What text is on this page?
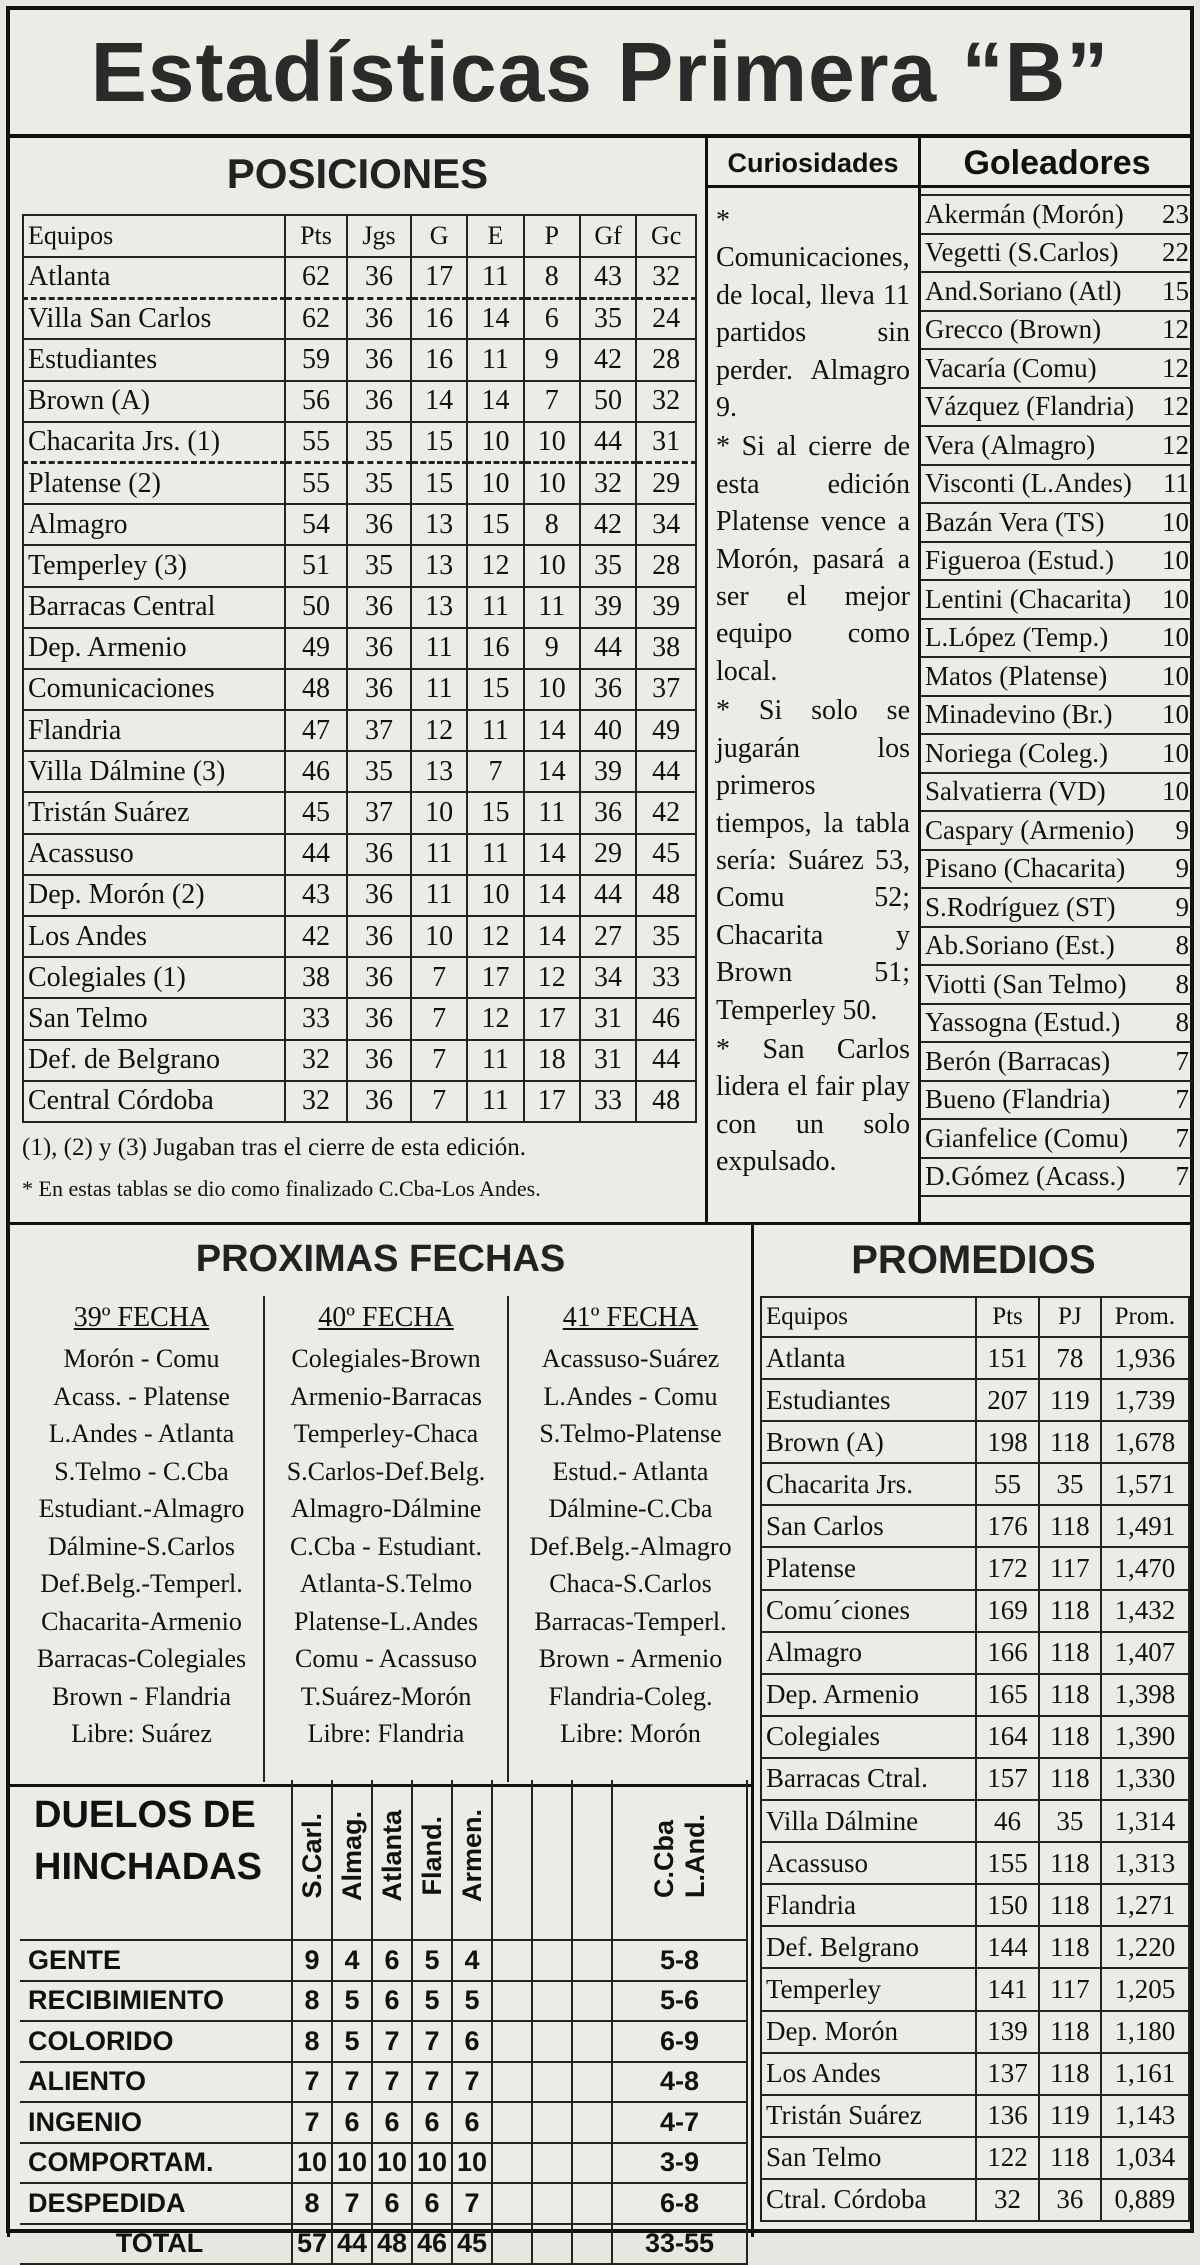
Estadísticas Primera “B”
POSICIONES
Equipos	Pts	Jgs	G	E	P	Gf	Gc
Atlanta	62	36	17	11	8	43	32
Villa San Carlos	62	36	16	14	6	35	24
Estudiantes	59	36	16	11	9	42	28
Brown (A)	56	36	14	14	7	50	32
Chacarita Jrs. (1)	55	35	15	10	10	44	31
Platense (2)	55	35	15	10	10	32	29
Almagro	54	36	13	15	8	42	34
Temperley (3)	51	35	13	12	10	35	28
Barracas Central	50	36	13	11	11	39	39
Dep. Armenio	49	36	11	16	9	44	38
Comunicaciones	48	36	11	15	10	36	37
Flandria	47	37	12	11	14	40	49
Villa Dálmine (3)	46	35	13	7	14	39	44
Tristán Suárez	45	37	10	15	11	36	42
Acassuso	44	36	11	11	14	29	45
Dep. Morón (2)	43	36	11	10	14	44	48
Los Andes	42	36	10	12	14	27	35
Colegiales (1)	38	36	7	17	12	34	33
San Telmo	33	36	7	12	17	31	46
Def. de Belgrano	32	36	7	11	18	31	44
Central Córdoba	32	36	7	11	17	33	48
(1), (2) y (3) Jugaban tras el cierre de esta edición.
* En estas tablas se dio como finalizado C.Cba-Los Andes.
Curiosidades

* Comunicaciones, de local, lleva 11 partidos sin perder. Almagro 9.

* Si al cierre de esta edición Platense vence a Morón, pasará a ser el mejor equipo como local.

* Si solo se jugarán los primeros tiempos, la tabla sería: Suárez 53, Comu 52; Chacarita y Brown 51; Temperley 50.

* San Carlos lidera el fair play con un solo expulsado.

Goleadores
Akermán (Morón)	23
Vegetti (S.Carlos)	22
And.Soriano (Atl)	15
Grecco (Brown)	12
Vacaría (Comu)	12
Vázquez (Flandria)	12
Vera (Almagro)	12
Visconti (L.Andes)	11
Bazán Vera (TS)	10
Figueroa (Estud.)	10
Lentini (Chacarita)	10
L.López (Temp.)	10
Matos (Platense)	10
Minadevino (Br.)	10
Noriega (Coleg.)	10
Salvatierra (VD)	10
Caspary (Armenio)	9
Pisano (Chacarita)	9
S.Rodríguez (ST)	9
Ab.Soriano (Est.)	8
Viotti (San Telmo)	8
Yassogna (Estud.)	8
Berón (Barracas)	7
Bueno (Flandria)	7
Gianfelice (Comu)	7
D.Gómez (Acass.)	7
PROXIMAS FECHAS
39º FECHA
Morón - Comu
Acass. - Platense
L.Andes - Atlanta
S.Telmo - C.Cba
Estudiant.-Almagro
Dálmine-S.Carlos
Def.Belg.-Temperl.
Chacarita-Armenio
Barracas-Colegiales
Brown - Flandria
Libre: Suárez
40º FECHA
Colegiales-Brown
Armenio-Barracas
Temperley-Chaca
S.Carlos-Def.Belg.
Almagro-Dálmine
C.Cba - Estudiant.
Atlanta-S.Telmo
Platense-L.Andes
Comu - Acassuso
T.Suárez-Morón
Libre: Flandria
41º FECHA
Acassuso-Suárez
L.Andes - Comu
S.Telmo-Platense
Estud.- Atlanta
Dálmine-C.Cba
Def.Belg.-Almagro
Chaca-S.Carlos
Barracas-Temperl.
Brown - Armenio
Flandria-Coleg.
Libre: Morón
DUELOS DE
HINCHADAS
	S.Carl.	Almag.	Atlanta	Fland.	Armen.				C.CbaL.And.
GENTE	9	4	6	5	4				5-8
RECIBIMIENTO	8	5	6	5	5				5-6
COLORIDO	8	5	7	7	6				6-9
ALIENTO	7	7	7	7	7				4-8
INGENIO	7	6	6	6	6				4-7
COMPORTAM.	10	10	10	10	10				3-9
DESPEDIDA	8	7	6	6	7				6-8
TOTAL	57	44	48	46	45				33-55
PROMEDIOS
Equipos	Pts	PJ	Prom.
Atlanta	151	78	1,936
Estudiantes	207	119	1,739
Brown (A)	198	118	1,678
Chacarita Jrs.	55	35	1,571
San Carlos	176	118	1,491
Platense	172	117	1,470
Comu´ciones	169	118	1,432
Almagro	166	118	1,407
Dep. Armenio	165	118	1,398
Colegiales	164	118	1,390
Barracas Ctral.	157	118	1,330
Villa Dálmine	46	35	1,314
Acassuso	155	118	1,313
Flandria	150	118	1,271
Def. Belgrano	144	118	1,220
Temperley	141	117	1,205
Dep. Morón	139	118	1,180
Los Andes	137	118	1,161
Tristán Suárez	136	119	1,143
San Telmo	122	118	1,034
Ctral. Córdoba	32	36	0,889
